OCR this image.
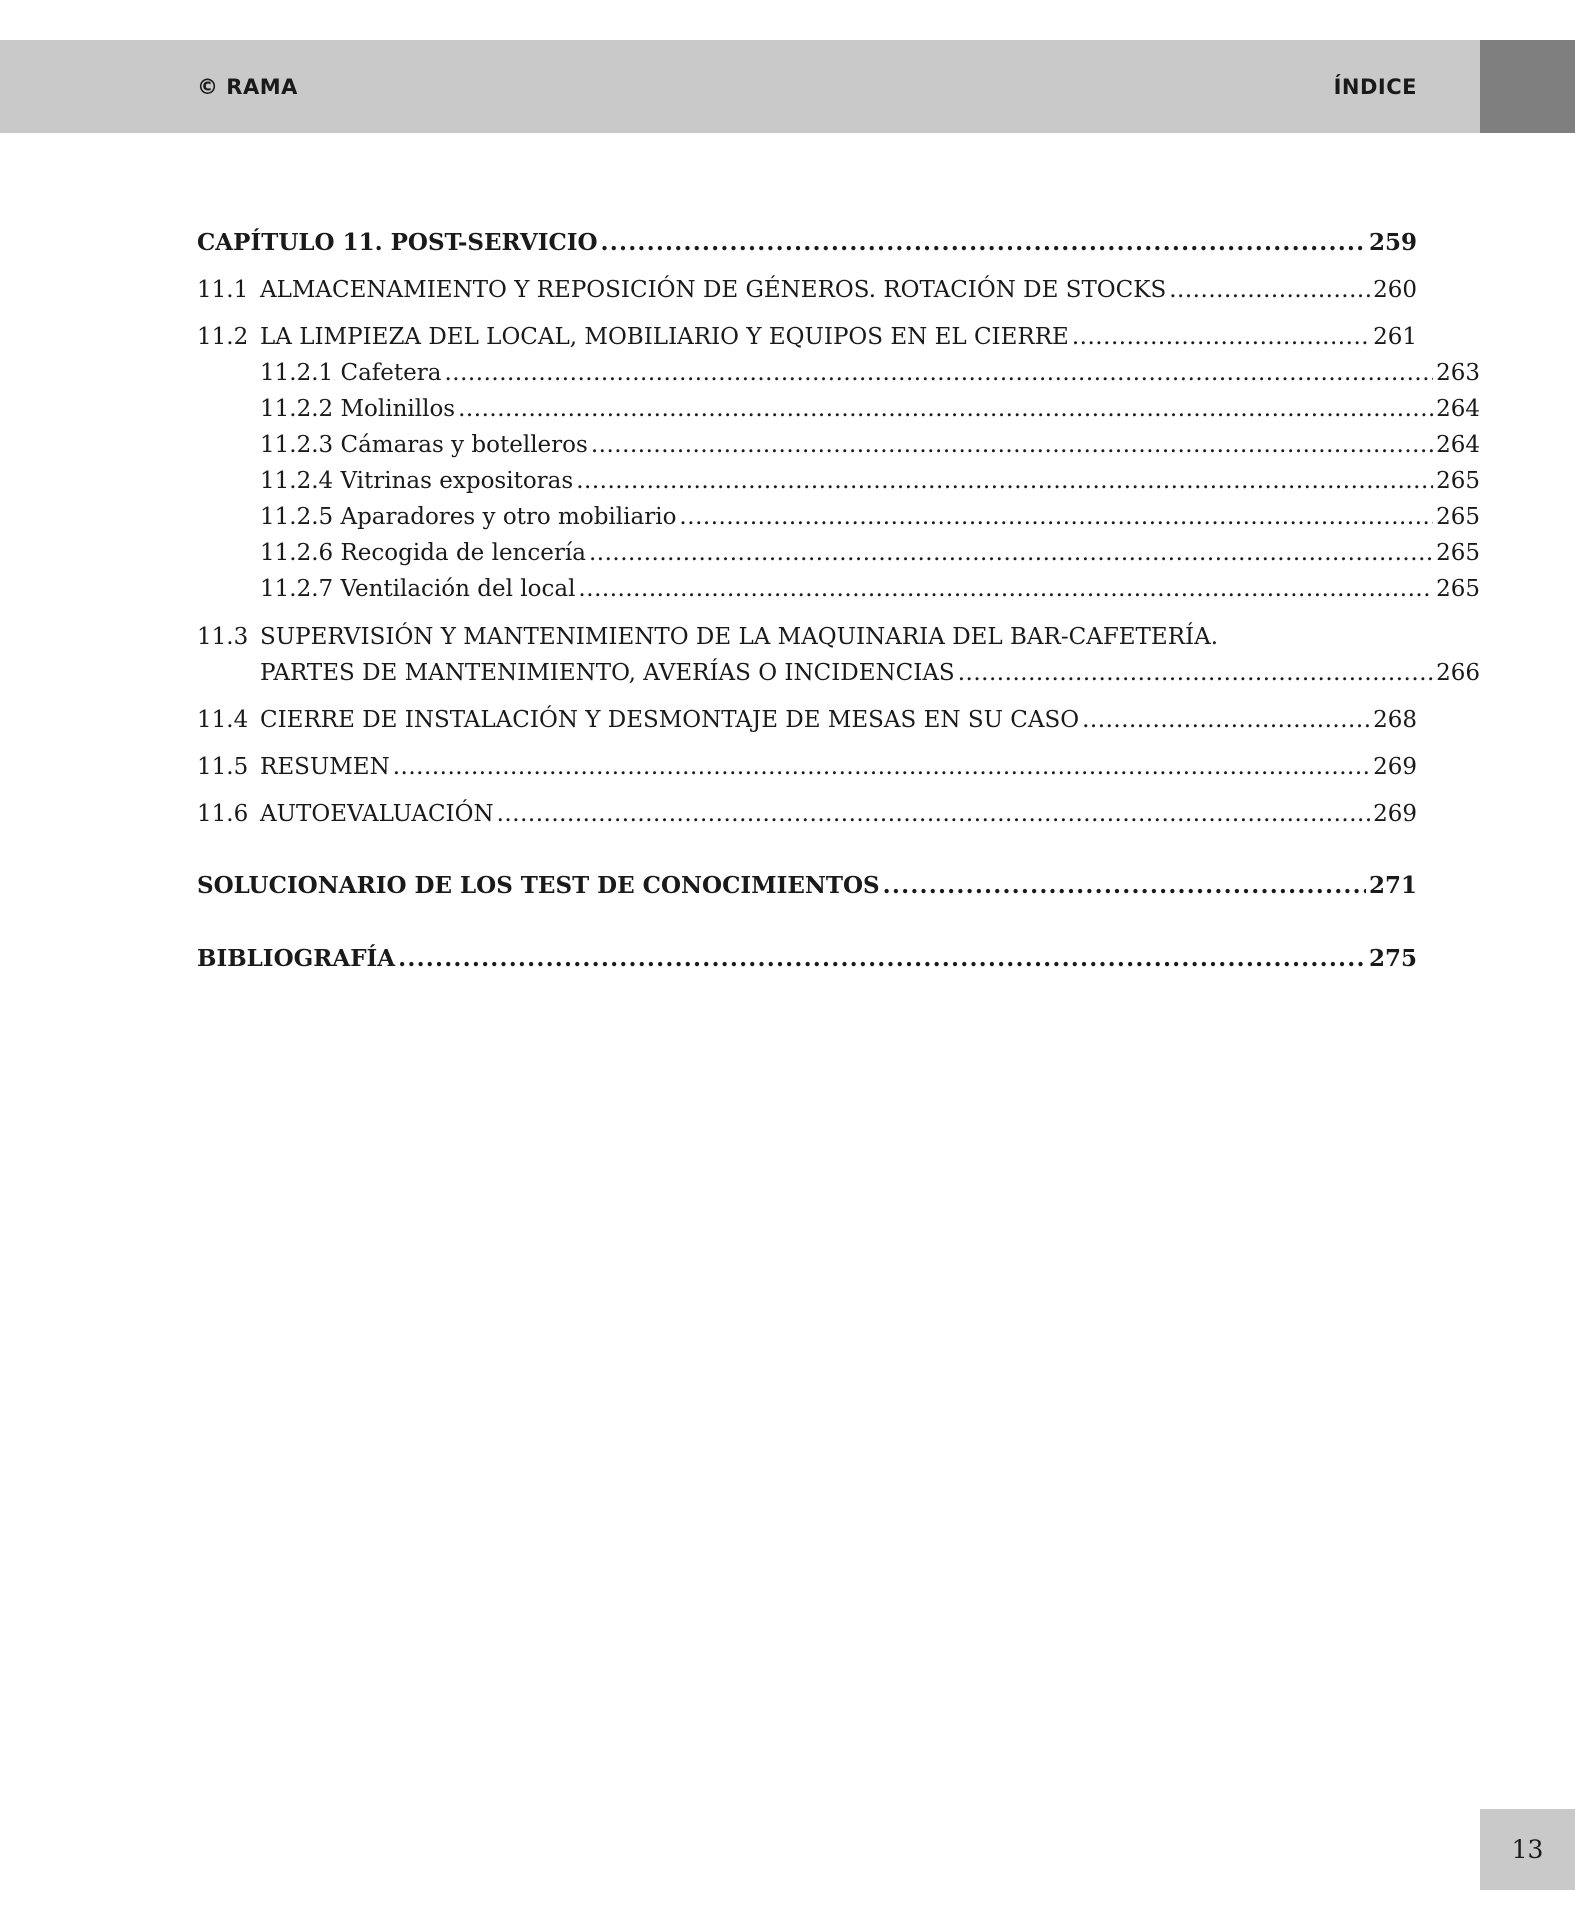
© RAMA	ÍNDICE
CAPÍTULO 11. POST-SERVICIO . . .	259
11.1 ALMACENAMIENTO Y REPOSICIÓN DE GÉNEROS. ROTACIÓN DE STOCKS . . .	260
11.2 LA LIMPIEZA DEL LOCAL, MOBILIARIO Y EQUIPOS EN EL CIERRE . . .	261
11.2.1 Cafetera . . .	263
11.2.2 Molinillos . . .	264
11.2.3 Cámaras y botelleros . . .	264
11.2.4 Vitrinas expositoras . . .	265
11.2.5 Aparadores y otro mobiliario . . .	265
11.2.6 Recogida de lencería . . .	265
11.2.7 Ventilación del local . . .	265
11.3 SUPERVISIÓN Y MANTENIMIENTO DE LA MAQUINARIA DEL BAR-CAFETERÍA.
PARTES DE MANTENIMIENTO, AVERÍAS O INCIDENCIAS . . .	266
11.4 CIERRE DE INSTALACIÓN Y DESMONTAJE DE MESAS EN SU CASO . . .	268
11.5 RESUMEN . . .	269
11.6 AUTOEVALUACIÓN . . .	269
SOLUCIONARIO DE LOS TEST DE CONOCIMIENTOS . . .	271
BIBLIOGRAFÍA . . .	275
13
